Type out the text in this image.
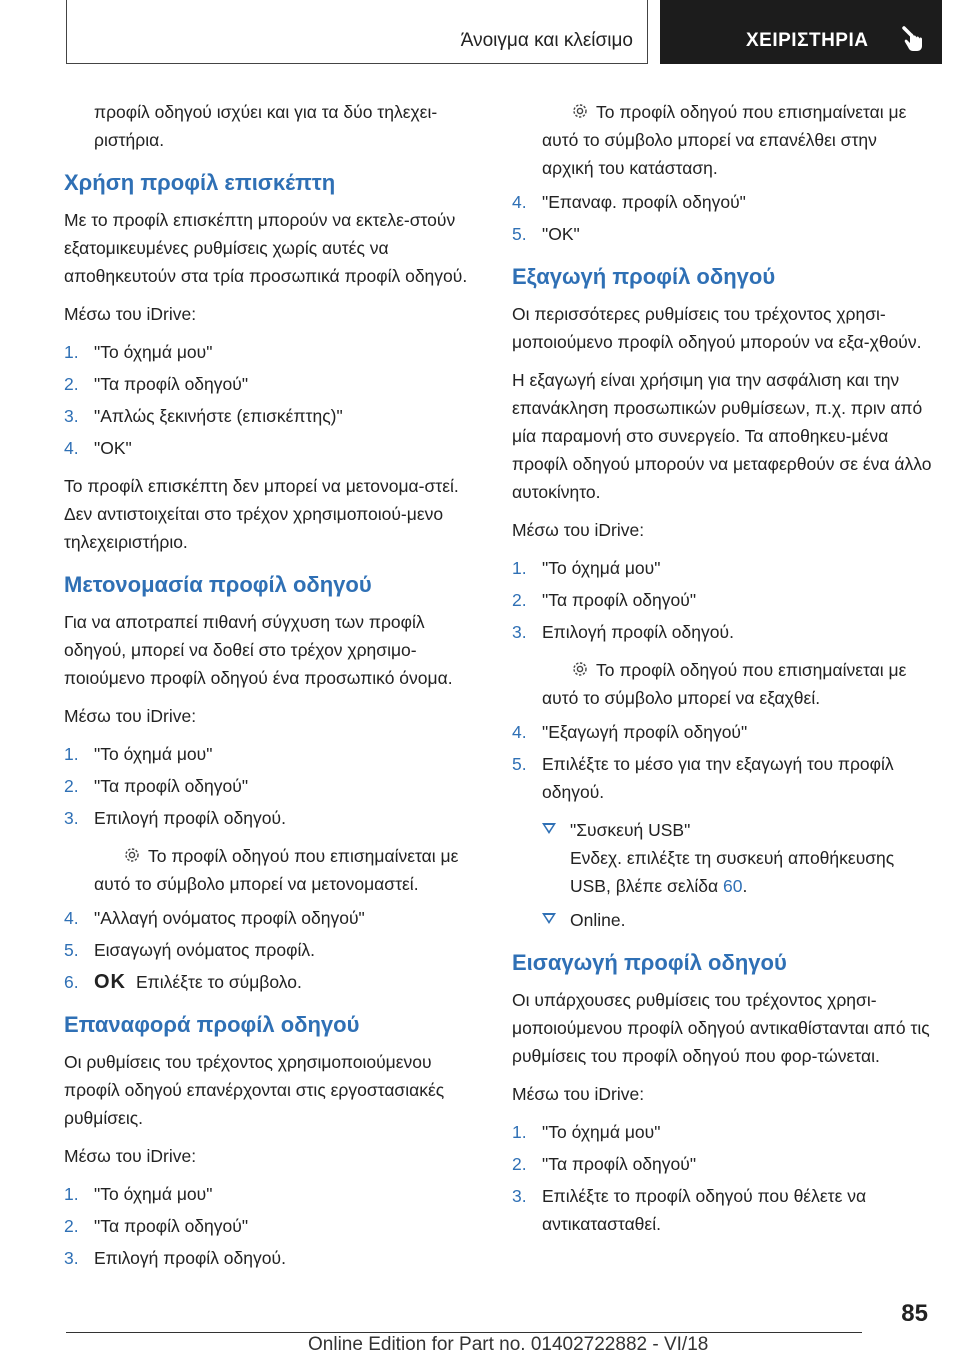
Άνοιγμα και κλείσιμο	ΧΕΙΡΙΣΤΗΡΙΑ

προφίλ οδηγού ισχύει και για τα δύο τηλεχει‐ριστήρια.

Χρήση προφίλ επισκέπτη

Με το προφίλ επισκέπτη μπορούν να εκτελε‐στούν εξατομικευμένες ρυθμίσεις χωρίς αυτές να αποθηκευτούν στα τρία προσωπικά προφίλ οδηγού.

Μέσω του iDrive:

1. "Το όχημά μου"
2. "Τα προφίλ οδηγού"
3. "Απλώς ξεκινήστε (επισκέπτης)"
4. "OK"

Το προφίλ επισκέπτη δεν μπορεί να μετονομα‐στεί. Δεν αντιστοιχείται στο τρέχον χρησιμοποιού‐μενο τηλεχειριστήριο.

Μετονομασία προφίλ οδηγού

Για να αποτραπεί πιθανή σύγχυση των προφίλ οδηγού, μπορεί να δοθεί στο τρέχον χρησιμο‐ποιούμενο προφίλ οδηγού ένα προσωπικό όνομα.

Μέσω του iDrive:

1. "Το όχημά μου"
2. "Τα προφίλ οδηγού"
3. Επιλογή προφίλ οδηγού.

Το προφίλ οδηγού που επισημαίνεται με αυτό το σύμβολο μπορεί να μετονομαστεί.

4. "Αλλαγή ονόματος προφίλ οδηγού"
5. Εισαγωγή ονόματος προφίλ.
6. OK Επιλέξτε το σύμβολο.
Επαναφορά προφίλ οδηγού

Οι ρυθμίσεις του τρέχοντος χρησιμοποιούμενου προφίλ οδηγού επανέρχονται στις εργοστασιακές ρυθμίσεις.

Μέσω του iDrive:

1. "Το όχημά μου"
2. "Τα προφίλ οδηγού"
3. Επιλογή προφίλ οδηγού.

Το προφίλ οδηγού που επισημαίνεται με αυτό το σύμβολο μπορεί να επανέλθει στην αρχική του κατάσταση.

4. "Επαναφ. προφίλ οδηγού"
5. "OK"
Εξαγωγή προφίλ οδηγού

Οι περισσότερες ρυθμίσεις του τρέχοντος χρησι‐μοποιούμενο προφίλ οδηγού μπορούν να εξα‐χθούν.

Η εξαγωγή είναι χρήσιμη για την ασφάλιση και την επανάκληση προσωπικών ρυθμίσεων, π.χ. πριν από μία παραμονή στο συνεργείο. Τα αποθηκευ‐μένα προφίλ οδηγού μπορούν να μεταφερθούν σε ένα άλλο αυτοκίνητο.

Μέσω του iDrive:

1. "Το όχημά μου"
2. "Τα προφίλ οδηγού"
3. Επιλογή προφίλ οδηγού.

Το προφίλ οδηγού που επισημαίνεται με αυτό το σύμβολο μπορεί να εξαχθεί.

4. "Εξαγωγή προφίλ οδηγού"
5. Επιλέξτε το μέσο για την εξαγωγή του προφίλ οδηγού.
"Συσκευή USB"
Ενδεχ. επιλέξτε τη συσκευή αποθήκευσης USB, βλέπε σελίδα 60.
Online.
Εισαγωγή προφίλ οδηγού

Οι υπάρχουσες ρυθμίσεις του τρέχοντος χρησι‐μοποιούμενου προφίλ οδηγού αντικαθίστανται από τις ρυθμίσεις του προφίλ οδηγού που φορ‐τώνεται.

Μέσω του iDrive:

1. "Το όχημά μου"
2. "Τα προφίλ οδηγού"
3. Επιλέξτε το προφίλ οδηγού που θέλετε να αντικατασταθεί.
85
Online Edition for Part no. 01402722882 - VI/18
